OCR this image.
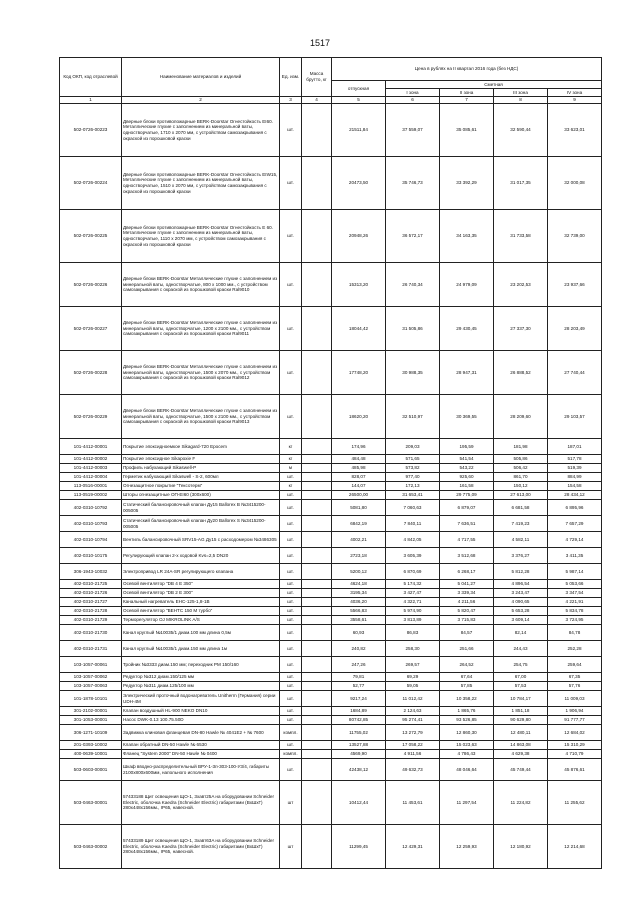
1517
Код ОКП, код отраслевой	Наименование материалов и изделий	Ед. изм.	Масса брутто, кг	Цена в рублях на II квартал 2016 года (без НДС)				
				отпускная	Сметная			
					I зона	II зона	III зона	IV зона
1	2	3	4	5	6	7	8	9
502-0726-00223	Дверные блоки противопожарные BERK-Doorstar Огнестойкость EI60. Металлические глухие с заполнением из минеральной ваты, одностворчатые, 1710 х 2070 мм, с устройством самозакрывания с окраской из порошковой краски	шт.		21511,84	37 559,07	35 085,61	32 590,44	33 623,01
502-0726-00224	Дверные блоки противопожарные BERK-Doorstar Огнестойкость EIW15, Металлические глухие с заполнением из минеральной ваты, одностворчатые, 1510 х 2070 мм, с устройством самозакрывания с окраской из порошковой краски	шт.		20473,50	35 746,73	33 392,29	31 017,35	32 000,08
502-0726-00225	Дверные блоки противопожарные BERK-Doorstar Огнестойкость Е 60. Металлические глухие с заполнением из минеральной ваты, одностворчатые, 1110 х 2070 мм, с устройством самозакрывания с окраской из порошковой краски	шт.		20948,26	36 572,17	34 163,35	31 733,58	32 739,00
502-0726-00226	Дверные блоки BERK-Doorstar Металлические глухие с заполнением из минеральной ваты, одностворчатые, 800 х 1000 мм., с устройством самозакрывания с окраской из порошковой краски Ral9010	шт.		15313,20	26 740,34	24 979,09	23 202,53	23 937,66
502-0726-00227	Дверные блоки BERK-Doorstar Металлические глухие с заполнением из минеральной ваты, одностворчатые, 1200 х 2100 мм., с устройством самозакрывания с окраской из порошковой краски Ral9011	шт.		18044,42	31 505,86	29 430,45	27 337,30	28 203,49
502-0726-00228	Дверные блоки BERK-Doorstar Металлические глухие с заполнением из минеральной ваты, одностворчатые, 1500 х 2070 мм., с устройством самозакрывания с окраской из порошковой краски Ral9012	шт.		17748,20	30 988,35	28 947,31	26 888,52	27 740,44
502-0726-00229	Дверные блоки BERK-Doorstar Металлические глухие с заполнением из минеральной ваты, одностворчатые, 1500 х 2100 мм., с устройством самозакрывания с окраской из порошковой краски Ral9013	шт.		18620,20	32 510,97	30 369,55	28 209,60	29 103,57
101-4412-00001	Покрытие эпоксидноемкое Sikagard-720 Epocem	кг		174,96	209,03	195,59	181,98	187,01
101-4412-00002	Покрытие эпоксидное Sikapoxie F	кг		484,48	571,65	541,54	505,86	517,78
101-4412-00003	Профиль набухающий Sikaswell-P	м		485,98	573,82	543,22	506,42	519,39
101-4412-00004	Герметик набухающий Sikaswell - S-2, 600мл	шт.		828,07	977,40	925,60	861,70	884,99
113-0516-00001	Огнезащитное покрытие "Тексотерм"	кг		144,07	172,13	161,58	150,12	154,58
113-0519-00002	Шторы огнезащитные ОП-EI60 (300х600)	шт.		26500,00	31 653,41	29 775,09	27 613,00	28 434,12
402-0310-10792	Статический балансировочный клапан Ду15 Ballorex В №3415200-005005	шт.		5081,80	7 060,63	6 879,07	6 681,58	6 895,96
402-0310-10793	Статический балансировочный клапан Ду20 Ballorex S №3415200-005005	шт.		6842,19	7 840,11	7 636,51	7 419,23	7 657,29
402-0310-10794	Вентиль балансировочный SRV15-AG Ду15 с расходомером №3486305	шт.		4002,21	4 842,05	4 717,55	4 582,11	4 729,14
402-0310-10175	Регулирующий клапан 2-х ходовой Kvs=2,5 DN20	шт.		2723,18	3 605,39	3 512,68	3 376,27	3 411,35
306-1943-10032	Электропривод LR 24A-SR регулирующего клапана	шт.		5200,12	6 870,69	6 268,17	5 812,28	5 987,14
402-0310-21725	Осевой вентилятор "DB 4 E 350"	шт.		4624,18	5 174,32	5 041,27	4 896,54	5 053,66
402-0310-21726	Осевой вентилятор "DB 2 E 300"	шт.		3195,34	3 427,47	3 339,34	3 243,47	3 347,54
402-0310-21727	Канальный нагреватель ЕНС-125-1,8-1В	шт.		4036,20	4 322,71	4 211,56	4 090,65	4 221,91
402-0310-21728	Осевой вентилятор "ВЕНТС 150 М турбо"	шт.		5566,83	5 974,90	5 820,47	5 653,28	5 834,78
402-0310-21729	Терморегулятор OJ MIKROLINK A/S	шт.		3558,61	3 813,89	3 715,83	3 609,14	3 724,95
402-0310-21730	Канал круглый №10035/1 диам.100 мм длина 0,5м	шт.		60,93	86,83	84,57	82,14	84,78
402-0310-21731	Канал круглый №10035/1 диам.150 мм длина 1м	шт.		240,82	258,30	251,66	244,43	252,28
103-1057-00061	Тройник №3333 диам.150 мм; переходник PM 150/160	шт.		247,26	269,57	264,52	254,75	259,64
103-1057-00062	Редуктор №312 диам.150/125 мм	шт.		79,81	69,29	67,64	67,00	67,35
103-1057-00063	Редуктор №311 диам.125/100 мм	шт.		52,77	59,05	57,85	57,53	57,76
101-1878-10101	Электрический проточный водонагреватель Unitherm (Германия) серии UDH-4M	шт.		9217,24	11 012,42	10 358,22	10 784,17	11 009,03
301-2102-00001	Клапан воздушный HL-900 NEKO DN10	шт.		1684,89	2 124,63	1 865,76	1 851,18	1 906,94
301-1053-00001	Насос DWK-0.13 100.75.50D	шт.		80742,85	95 274,41	93 526,85	90 629,80	91 777,77
306-1271-10109	Задвижка клиновая фланцевая DN-80 Hawle № 4041E2 + № 7600	компл.		11755,02	13 272,79	12 860,30	12 480,11	12 684,02
201-0393-10002	Клапан обратный DN-50 Hawle № 6530	шт.		13527,88	17 058,22	15 023,63	14 863,08	15 310,29
400-0639-10001	Фланец "System 2000" DN-50 Hawle № 0400	компл.		4569,90	4 911,56	4 786,43	4 629,38	4 710,79
503-0603-00001	Шкаф вводно-распределительный ВРУ-1-3п-303-100-У3/4, габариты 2100х800х600мм, напольного исполнения	шт.		42438,12	49 632,73	48 046,64	45 749,44	45 876,61
503-0463-00001	57433188 Щит освещения ЩО-1, 3хавт25A на оборудовании Schneider Electric, оболочка Kaedra (Schneider Electric) габаритами (ВхШхГ) 280х448х156мм., IP65, навесной.	шт		10412,44	11 453,61	11 297,54	11 224,82	11 255,62
503-0463-00002	57433189 Щит освещения ЩО-1, 3хавт63A на оборудовании Schneider Electric, оболочка Kaedra (Schneider Electric) габаритами (ВхШхГ) 280х448х156мм., IP65, навесной.	шт		11299,45	12 429,31	12 259,93	12 180,92	12 214,68
